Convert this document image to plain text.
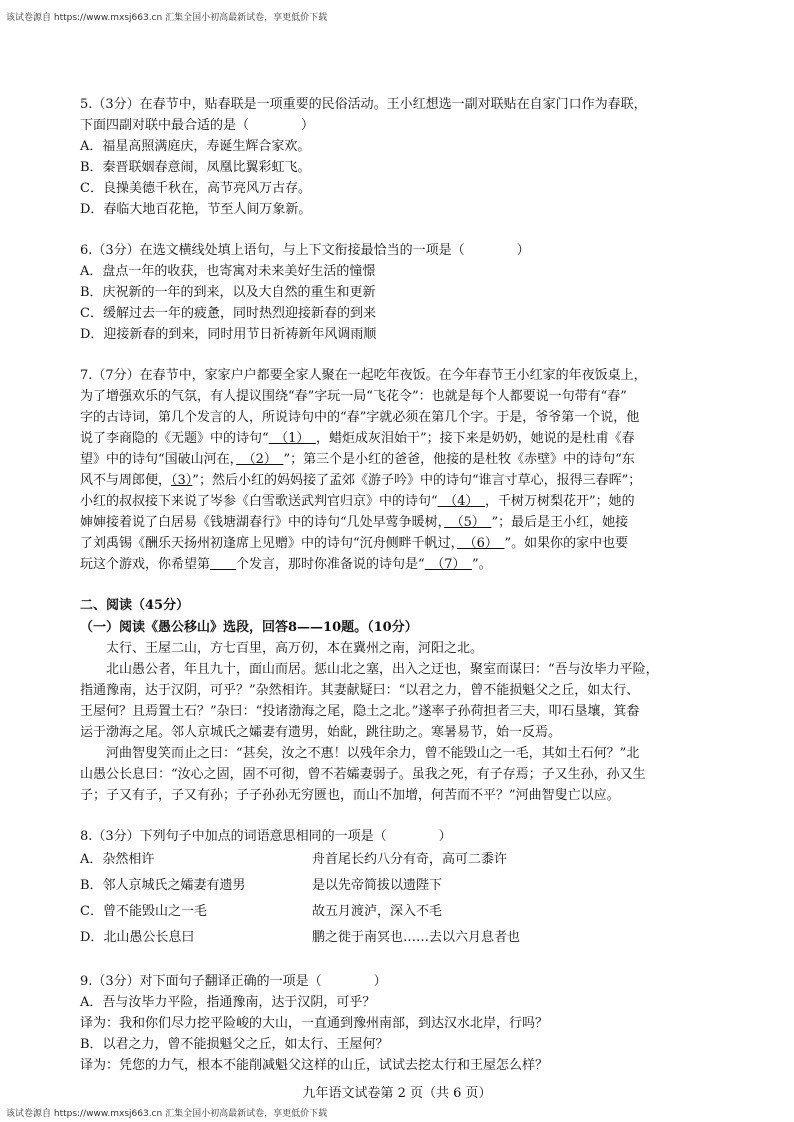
该试卷源自 https://www.mxsj663.cn 汇集全国小初高最新试卷，享更低价下载
5.（3分）在春节中，贴春联是一项重要的民俗活动。王小红想选一副对联贴在自家门口作为春联，
下面四副对联中最合适的是（　　　　）
A．福星高照满庭庆，寿诞生辉合家欢。
B．秦晋联姻春意闹，凤凰比翼彩虹飞。
C．良操美德千秋在，高节亮风万古存。
D．春临大地百花艳，节至人间万象新。
6.（3分）在选文横线处填上语句，与上下文衔接最恰当的一项是（　　　　）
A．盘点一年的收获，也寄寓对未来美好生活的憧憬
B．庆祝新的一年的到来，以及大自然的重生和更新
C．缓解过去一年的疲惫，同时热烈迎接新春的到来
D．迎接新春的到来，同时用节日祈祷新年风调雨顺
7.（7分）在春节中，家家户户都要全家人聚在一起吃年夜饭。在今年春节王小红家的年夜饭桌上，
为了增强欢乐的气氛，有人提议围绕“春”字玩一局“飞花令”：也就是每个人都要说一句带有“春”
字的古诗词，第几个发言的人，所说诗句中的“春”字就必须在第几个字。于是，爷爷第一个说，他
说了李商隐的《无题》中的诗句“　（1）　，蜡炬成灰泪始干”；接下来是奶奶，她说的是杜甫《春
望》中的诗句“国破山河在，　（2）　”；第三个是小红的爸爸，他接的是杜牧《赤壁》中的诗句“东
风不与周郎便，（3）”；然后小红的妈妈接了孟郊《游子吟》中的诗句“谁言寸草心，报得三春晖”；
小红的叔叔接下来说了岑参《白雪歌送武判官归京》中的诗句“　（4）　，千树万树梨花开”；她的
婶婶接着说了白居易《钱塘湖春行》中的诗句“几处早莺争暖树，　（5）　”；最后是王小红，她接
了刘禹锡《酬乐天扬州初逢席上见赠》中的诗句“沉舟侧畔千帆过，　（6）　”。如果你的家中也要
玩这个游戏，你希望第　　 个发言，那时你准备说的诗句是“　（7）　”。
二、阅读（45分）
（一）阅读《愚公移山》选段，回答8——10题。（10分）
　　太行、王屋二山，方七百里，高万仞，本在冀州之南，河阳之北。
　　北山愚公者，年且九十，面山而居。惩山北之塞，出入之迂也，聚室而谋曰：“吾与汝毕力平险，
指通豫南，达于汉阴，可乎？”杂然相许。其妻献疑曰：“以君之力，曾不能损魁父之丘，如太行、
王屋何？且焉置土石？”杂曰：“投诸渤海之尾，隐土之北。”遂率子孙荷担者三夫，叩石垦壤，箕畚
运于渤海之尾。邻人京城氏之孀妻有遗男，始龀，跳往助之。寒暑易节，始一反焉。
　　河曲智叟笑而止之曰：“甚矣，汝之不惠！以残年余力，曾不能毁山之一毛，其如土石何？”北
山愚公长息曰：“汝心之固，固不可彻，曾不若孀妻弱子。虽我之死，有子存焉；子又生孙，孙又生
子；子又有子，子又有孙；子子孙孙无穷匮也，而山不加增，何苦而不平？”河曲智叟亡以应。
8.（3分）下列句子中加点的词语意思相同的一项是（　　　　）
A．杂然相许	舟首尾长约八分有奇，高可二黍许
B．邻人京城氏之孀妻有遗男	是以先帝简拔以遗陛下
C．曾不能毁山之一毛	故五月渡泸，深入不毛
D．北山愚公长息曰	鹏之徙于南冥也……去以六月息者也
9.（3分）对下面句子翻译正确的一项是（　　　　）
A．吾与汝毕力平险，指通豫南，达于汉阴，可乎？
译为：我和你们尽力挖平险峻的大山，一直通到豫州南部，到达汉水北岸，行吗？
B．以君之力，曾不能损魁父之丘，如太行、王屋何？
译为：凭您的力气，根本不能削减魁父这样的山丘，试试去挖太行和王屋怎么样？
九年语文试卷第 2 页（共 6 页）
该试卷源自 https://www.mxsj663.cn 汇集全国小初高最新试卷，享更低价下载
